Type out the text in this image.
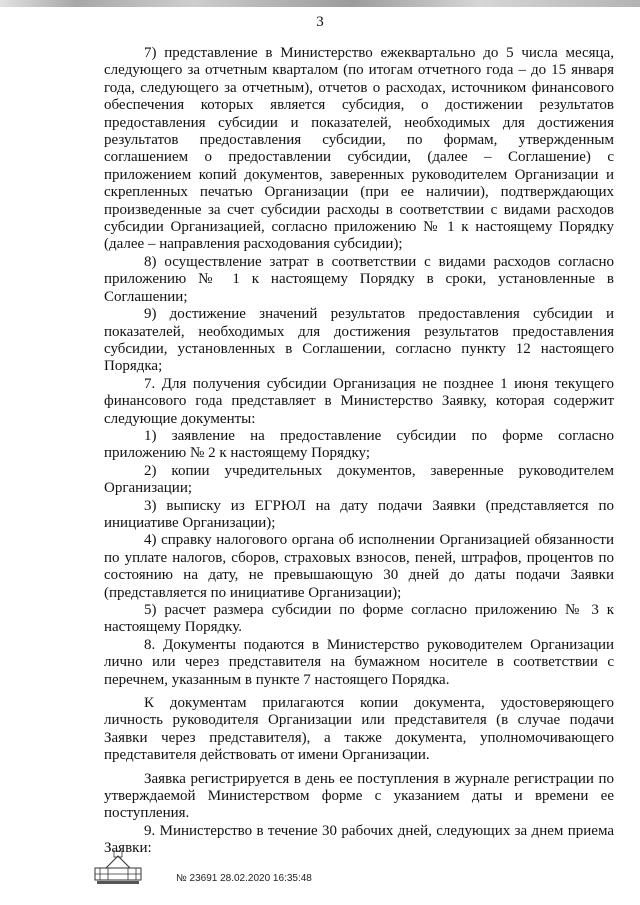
3

7) представление в Министерство ежеквартально до 5 числа месяца, следующего за отчетным кварталом (по итогам отчетного года – до 15 января года, следующего за отчетным), отчетов о расходах, источником финансового обеспечения которых является субсидия, о достижении результатов предоставления субсидии и показателей, необходимых для достижения результатов предоставления субсидии, по формам, утвержденным соглашением о предоставлении субсидии, (далее – Соглашение) с приложением копий документов, заверенных руководителем Организации и скрепленных печатью Организации (при ее наличии), подтверждающих произведенные за счет субсидии расходы в соответствии с видами расходов субсидии Организацией, согласно приложению № 1 к настоящему Порядку (далее – направления расходования субсидии);

8) осуществление затрат в соответствии с видами расходов согласно приложению № 1 к настоящему Порядку в сроки, установленные в Соглашении;

9) достижение значений результатов предоставления субсидии и показателей, необходимых для достижения результатов предоставления субсидии, установленных в Соглашении, согласно пункту 12 настоящего Порядка;

7. Для получения субсидии Организация не позднее 1 июня текущего финансового года представляет в Министерство Заявку, которая содержит следующие документы:

1) заявление на предоставление субсидии по форме согласно приложению № 2 к настоящему Порядку;

2) копии учредительных документов, заверенные руководителем Организации;

3) выписку из ЕГРЮЛ на дату подачи Заявки (представляется по инициативе Организации);

4) справку налогового органа об исполнении Организацией обязанности по уплате налогов, сборов, страховых взносов, пеней, штрафов, процентов по состоянию на дату, не превышающую 30 дней до даты подачи Заявки (представляется по инициативе Организации);

5) расчет размера субсидии по форме согласно приложению № 3 к настоящему Порядку.

8. Документы подаются в Министерство руководителем Организации лично или через представителя на бумажном носителе в соответствии с перечнем, указанным в пункте 7 настоящего Порядка.

К документам прилагаются копии документа, удостоверяющего личность руководителя Организации или представителя (в случае подачи Заявки через представителя), а также документа, уполномочивающего представителя действовать от имени Организации.

Заявка регистрируется в день ее поступления в журнале регистрации по утверждаемой Министерством форме с указанием даты и времени ее поступления.

9. Министерство в течение 30 рабочих дней, следующих за днем приема Заявки:

№ 23691 28.02.2020 16:35:48
